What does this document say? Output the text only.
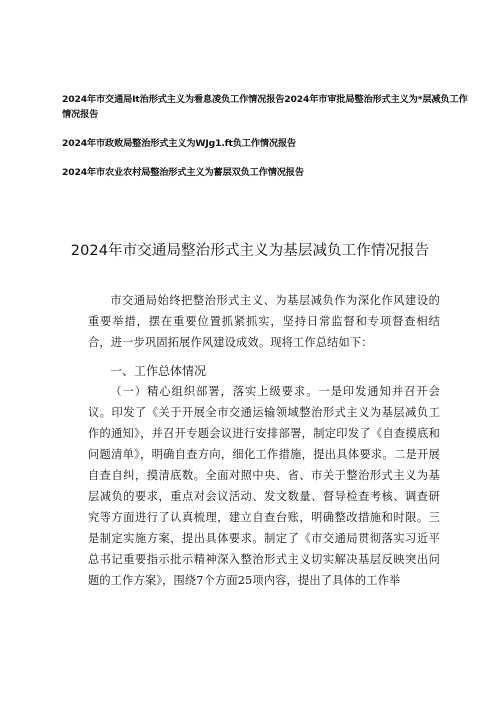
2024年市交通局It治形式主义为看息凌负工作情况报告2024年市审批局整治形式主义为*层减负工作情况报告

2024年市政败局整治形式主义为WJg1.ft负工作情况报告

2024年市农业农村局整治形式主义为蓄层双负工作情况报告

2024年市交通局整治形式主义为基层减负工作情况报告

市交通局始终把整治形式主义、为基层减负作为深化作风建设的重要举措，摆在重要位置抓紧抓实，坚持日常监督和专项督查相结合，进一步巩固拓展作风建设成效。现将工作总结如下：

一、工作总体情况

（一）精心组织部署，落实上级要求。一是印发通知并召开会议。印发了《关于开展全市交通运输领域整治形式主义为基层减负工作的通知》，并召开专题会议进行安排部署，制定印发了《自查摸底和问题清单》，明确自查方向，细化工作措施，提出具体要求。二是开展自查自纠，摸清底数。全面对照中央、省、市关于整治形式主义为基层减负的要求，重点对会议活动、发文数量、督导检查考核、调查研究等方面进行了认真梳理，建立自查台账，明确整改措施和时限。三是制定实施方案，提出具体要求。制定了《市交通局贯彻落实习近平总书记重要指示批示精神深入整治形式主义切实解决基层反映突出问题的工作方案》，围绕7个方面25项内容，提出了具体的工作举
